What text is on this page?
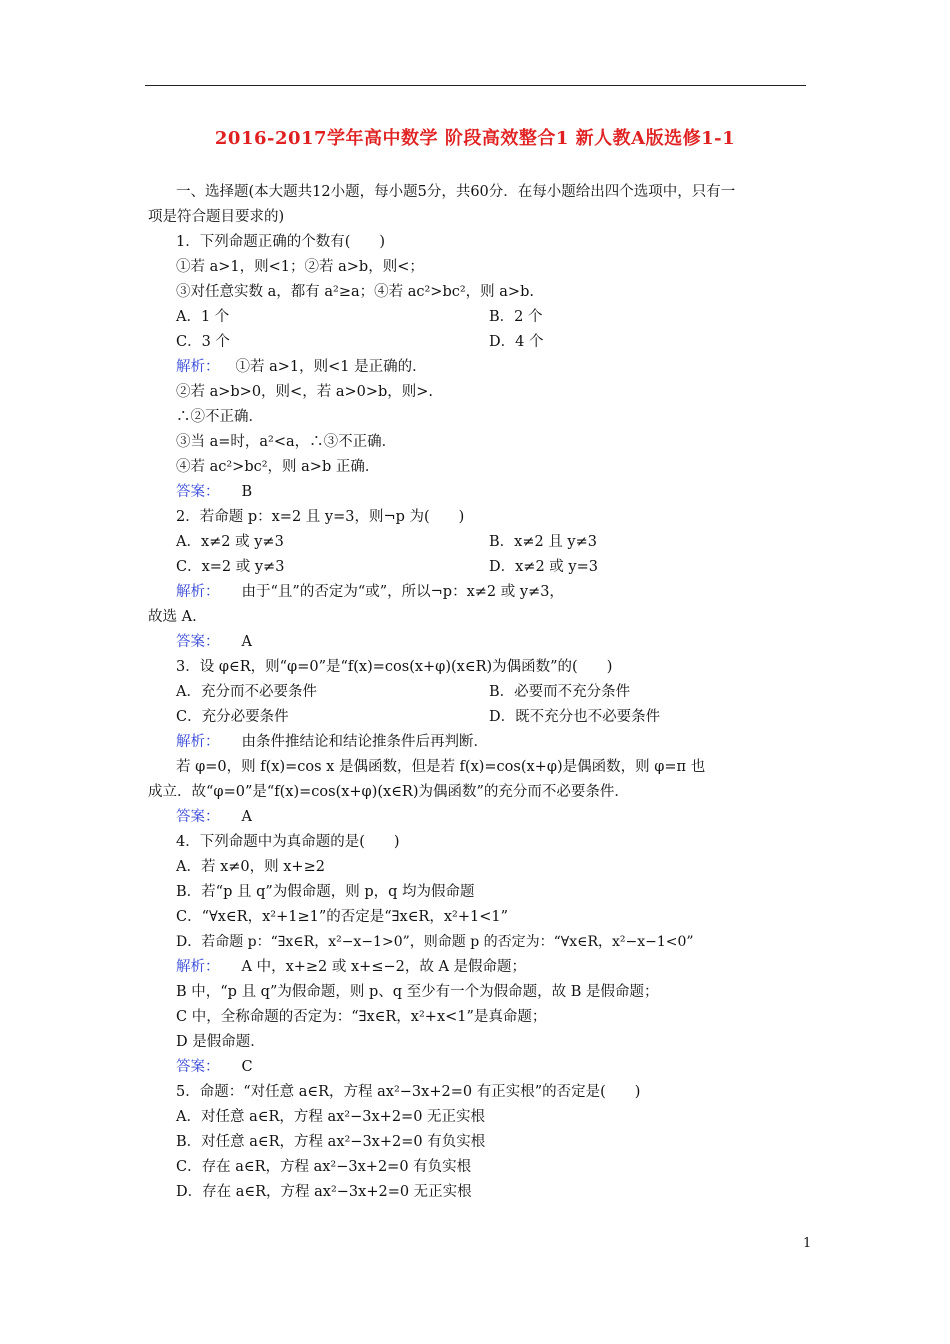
2016-2017学年高中数学 阶段高效整合1 新人教A版选修1-1
一、选择题(本大题共12小题，每小题5分，共60分．在每小题给出四个选项中，只有一
项是符合题目要求的)
1．下列命题正确的个数有(　　)
①若 a>1，则<1；②若 a>b，则<；
③对任意实数 a，都有 a²≥a；④若 ac²>bc²，则 a>b.
A．1 个	B．2 个
C．3 个	D．4 个
解析： ①若 a>1，则<1 是正确的．
②若 a>b>0，则<，若 a>0>b，则>.
∴②不正确．
③当 a=时，a²<a，∴③不正确．
④若 ac²>bc²，则 a>b 正确．
答案： B
2．若命题 p：x=2 且 y=3，则¬p 为(　　)
A．x≠2 或 y≠3	B．x≠2 且 y≠3
C．x=2 或 y≠3	D．x≠2 或 y=3
解析： 由于“且”的否定为“或”，所以¬p：x≠2 或 y≠3，
故选 A.
答案： A
3．设 φ∈R，则“φ=0”是“f(x)=cos(x+φ)(x∈R)为偶函数”的(　　)
A．充分而不必要条件	B．必要而不充分条件
C．充分必要条件	D．既不充分也不必要条件
解析： 由条件推结论和结论推条件后再判断．
若 φ=0，则 f(x)=cos x 是偶函数，但是若 f(x)=cos(x+φ)是偶函数，则 φ=π 也
成立．故“φ=0”是“f(x)=cos(x+φ)(x∈R)为偶函数”的充分而不必要条件．
答案： A
4．下列命题中为真命题的是(　　)
A．若 x≠0，则 x+≥2
B．若“p 且 q”为假命题，则 p，q 均为假命题
C．“∀x∈R，x²+1≥1”的否定是“∃x∈R，x²+1<1”
D．若命题 p：“∃x∈R，x²−x−1>0”，则命题 p 的否定为：“∀x∈R，x²−x−1<0”
解析： A 中，x+≥2 或 x+≤−2，故 A 是假命题；
B 中，“p 且 q”为假命题，则 p、q 至少有一个为假命题，故 B 是假命题；
C 中，全称命题的否定为：“∃x∈R，x²+x<1”是真命题；
D 是假命题．
答案： C
5．命题：“对任意 a∈R，方程 ax²−3x+2=0 有正实根”的否定是(　　)
A．对任意 a∈R，方程 ax²−3x+2=0 无正实根
B．对任意 a∈R，方程 ax²−3x+2=0 有负实根
C．存在 a∈R，方程 ax²−3x+2=0 有负实根
D．存在 a∈R，方程 ax²−3x+2=0 无正实根
1
